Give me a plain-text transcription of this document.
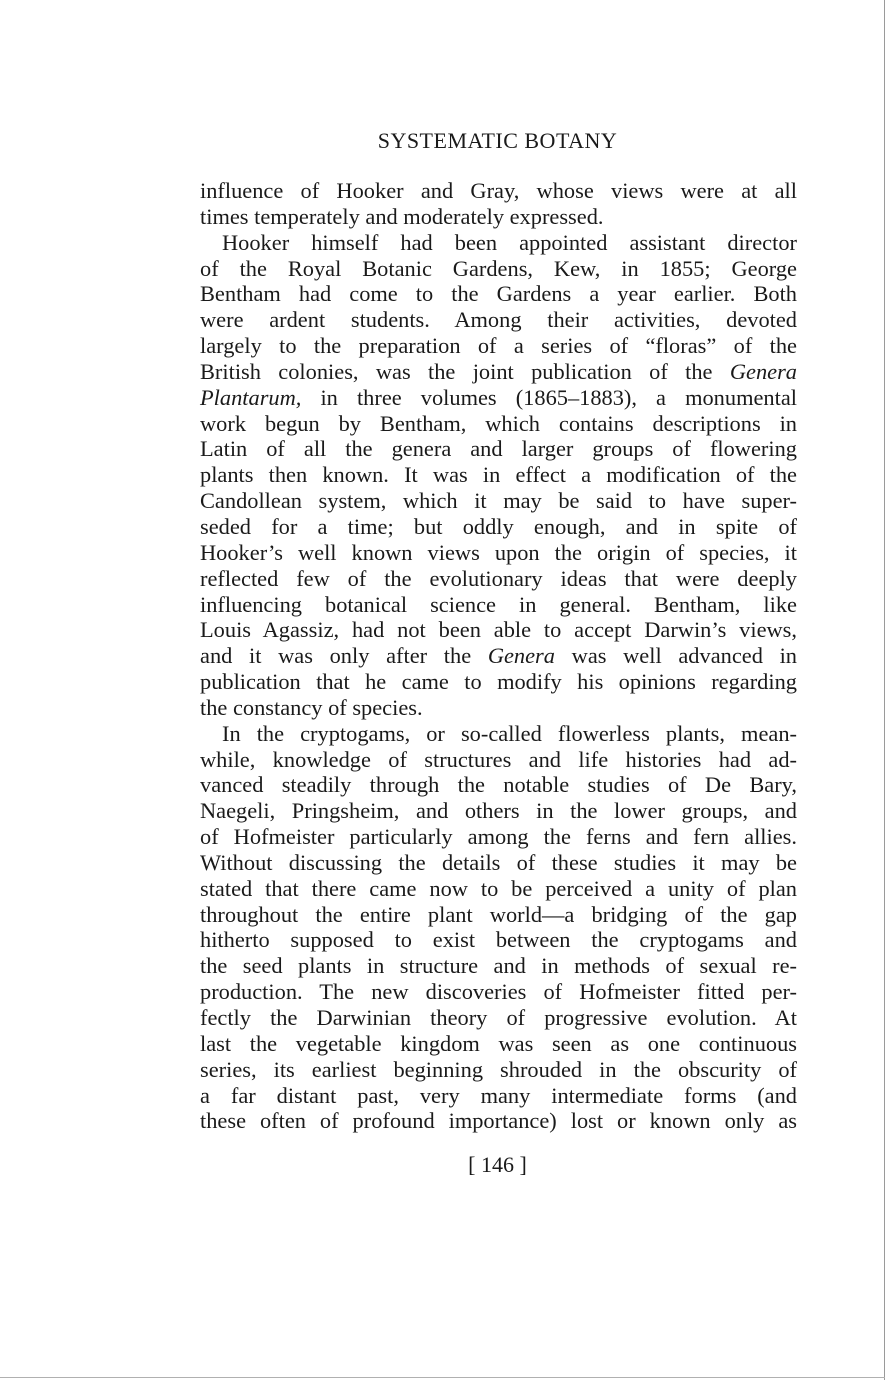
SYSTEMATIC BOTANY
influence of Hooker and Gray, whose views were at all
times temperately and moderately expressed.
Hooker himself had been appointed assistant director
of the Royal Botanic Gardens, Kew, in 1855; George
Bentham had come to the Gardens a year earlier. Both
were ardent students. Among their activities, devoted
largely to the preparation of a series of “floras” of the
British colonies, was the joint publication of the Genera
Plantarum, in three volumes (1865–1883), a monumental
work begun by Bentham, which contains descriptions in
Latin of all the genera and larger groups of flowering
plants then known. It was in effect a modification of the
Candollean system, which it may be said to have super-
seded for a time; but oddly enough, and in spite of
Hooker’s well known views upon the origin of species, it
reflected few of the evolutionary ideas that were deeply
influencing botanical science in general. Bentham, like
Louis Agassiz, had not been able to accept Darwin’s views,
and it was only after the Genera was well advanced in
publication that he came to modify his opinions regarding
the constancy of species.
In the cryptogams, or so-called flowerless plants, mean-
while, knowledge of structures and life histories had ad-
vanced steadily through the notable studies of De Bary,
Naegeli, Pringsheim, and others in the lower groups, and
of Hofmeister particularly among the ferns and fern allies.
Without discussing the details of these studies it may be
stated that there came now to be perceived a unity of plan
throughout the entire plant world—a bridging of the gap
hitherto supposed to exist between the cryptogams and
the seed plants in structure and in methods of sexual re-
production. The new discoveries of Hofmeister fitted per-
fectly the Darwinian theory of progressive evolution. At
last the vegetable kingdom was seen as one continuous
series, its earliest beginning shrouded in the obscurity of
a far distant past, very many intermediate forms (and
these often of profound importance) lost or known only as
[ 146 ]
